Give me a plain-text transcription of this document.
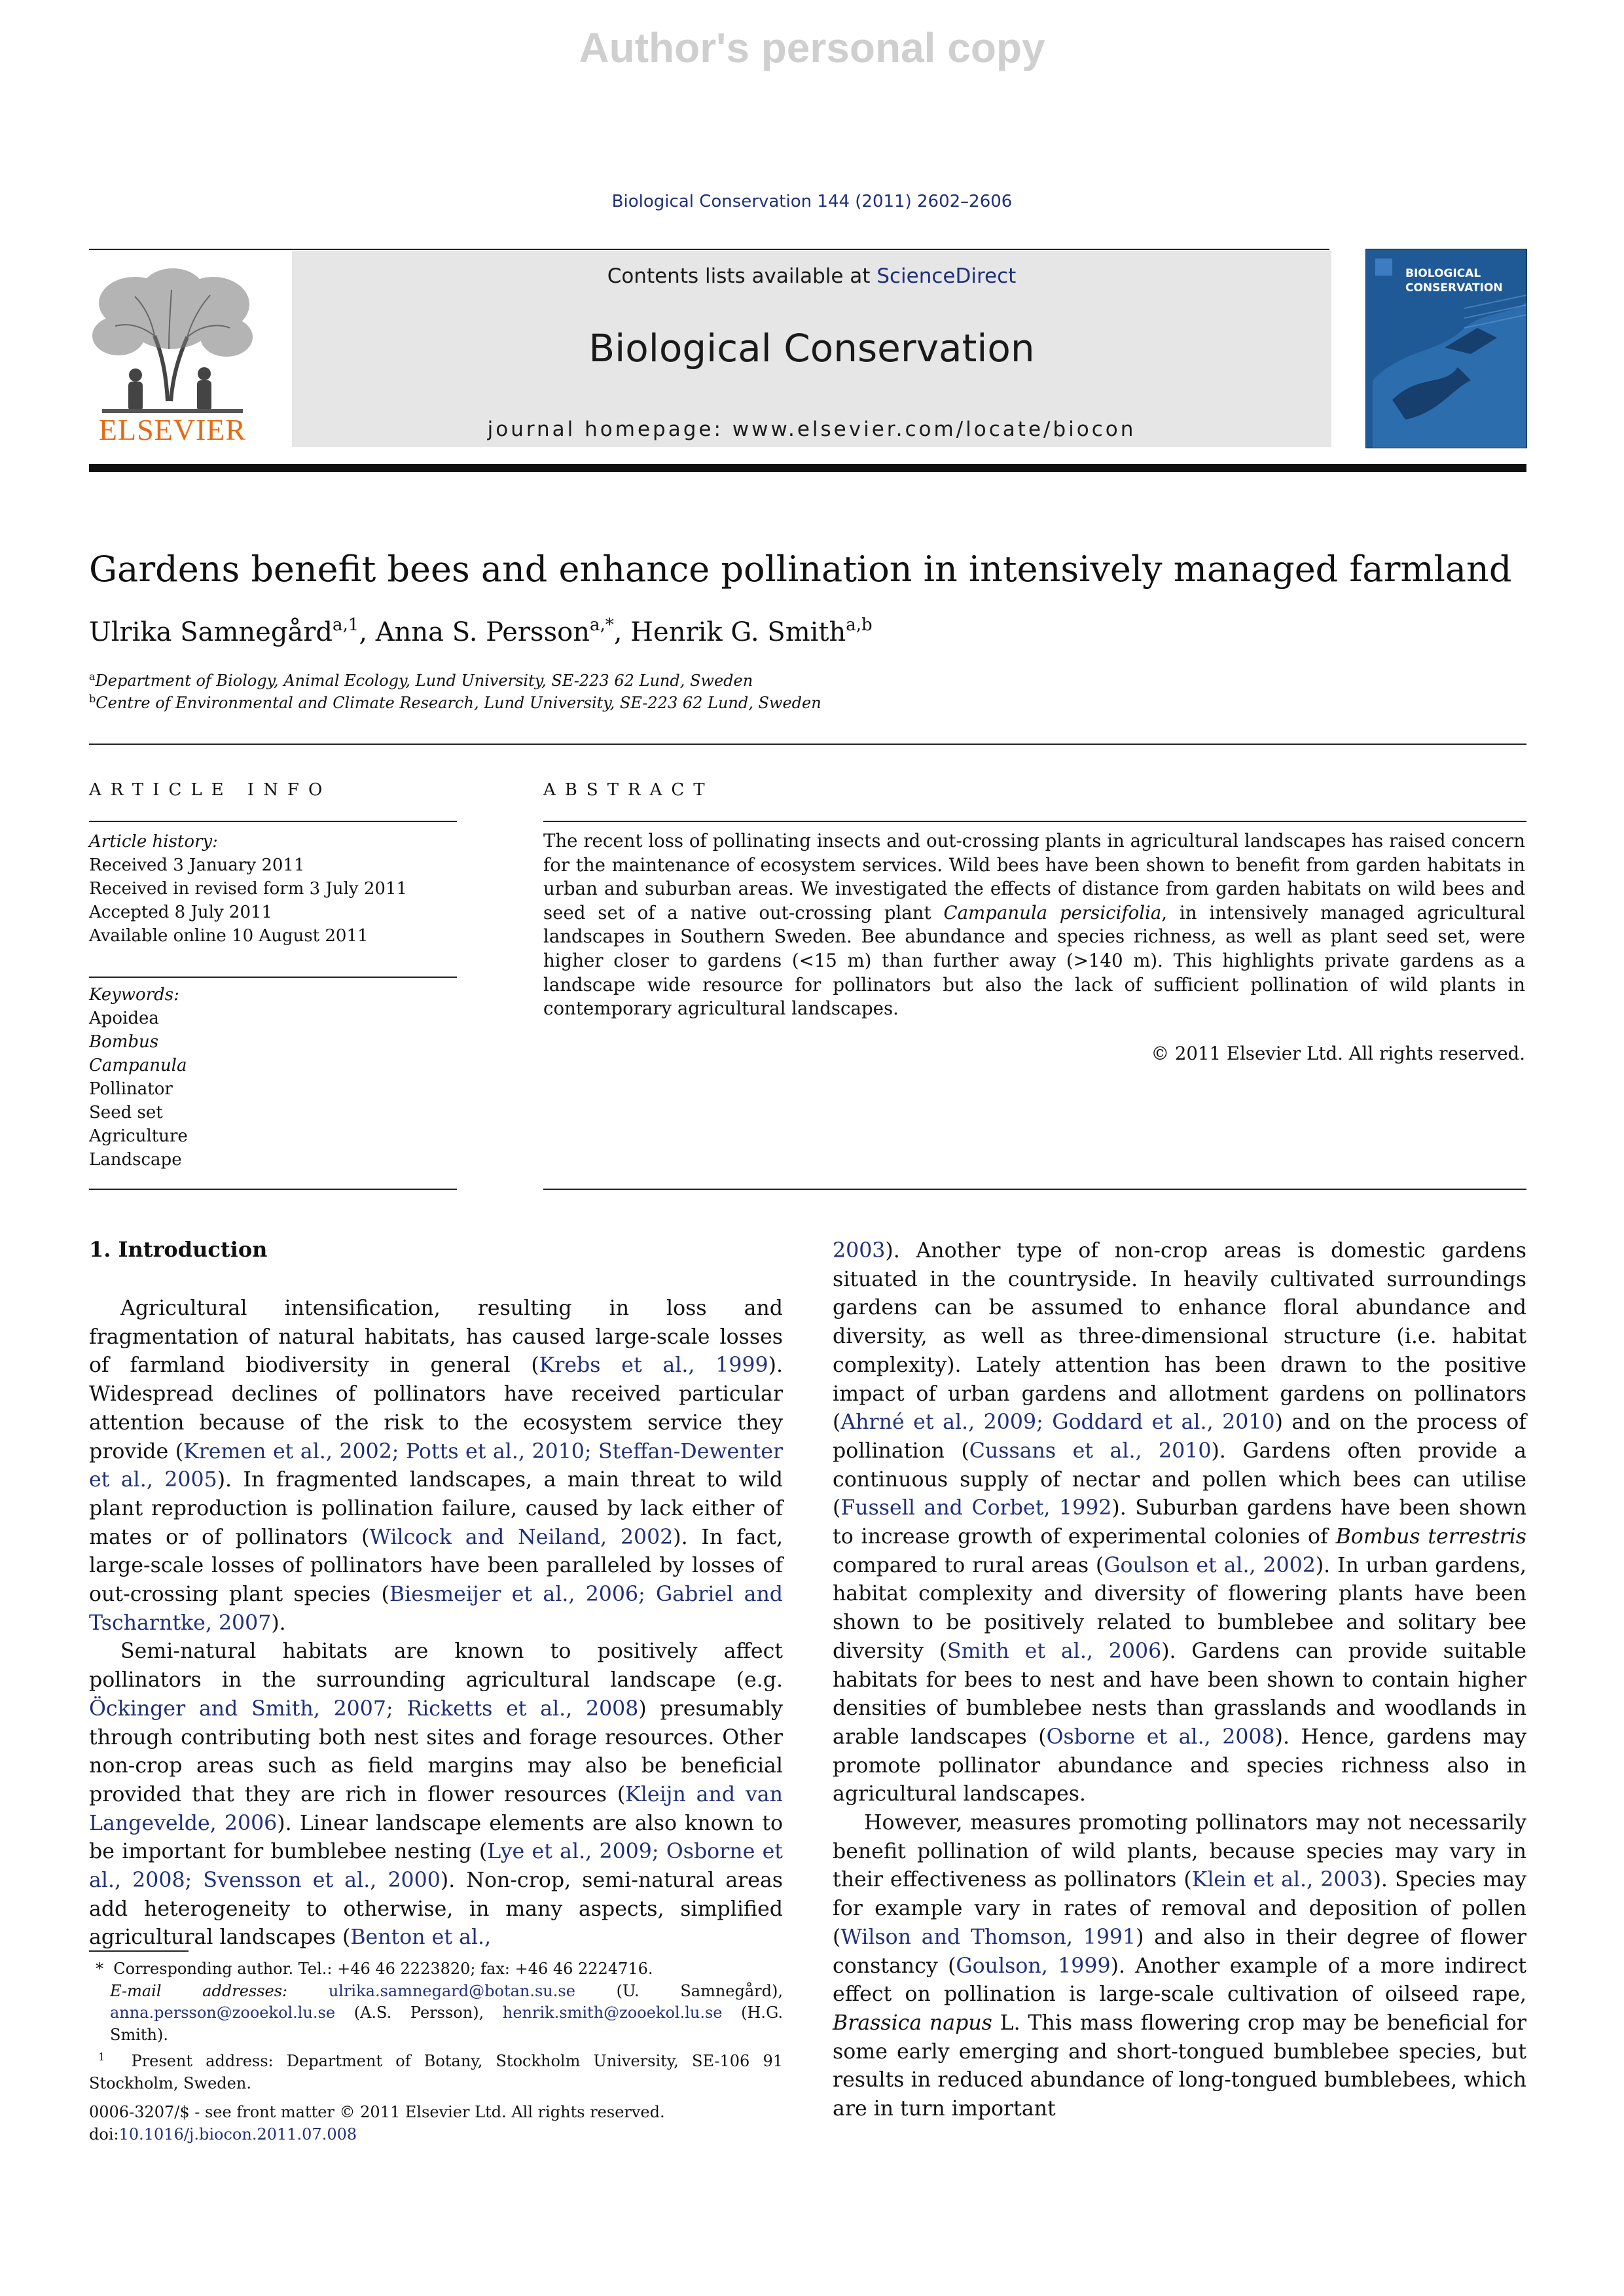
Author's personal copy
Biological Conservation 144 (2011) 2602–2606
Contents lists available at ScienceDirect
Biological Conservation
journal homepage: www.elsevier.com/locate/biocon
ELSEVIER
BIOLOGICAL CONSERVATION
Gardens benefit bees and enhance pollination in intensively managed farmland
Ulrika Samnegård$^{a,1}$, Anna S. Persson$^{a,*}$, Henrik G. Smith$^{a,b}$
$^a$Department of Biology, Animal Ecology, Lund University, SE-223 62 Lund, Sweden
$^b$Centre of Environmental and Climate Research, Lund University, SE-223 62 Lund, Sweden
ARTICLE INFO
Article history:
Received 3 January 2011
Received in revised form 3 July 2011
Accepted 8 July 2011
Available online 10 August 2011
Keywords:
Apoidea
Bombus
Campanula
Pollinator
Seed set
Agriculture
Landscape
ABSTRACT
The recent loss of pollinating insects and out-crossing plants in agricultural landscapes has raised concern for the maintenance of ecosystem services. Wild bees have been shown to benefit from garden habitats in urban and suburban areas. We investigated the effects of distance from garden habitats on wild bees and seed set of a native out-crossing plant Campanula persicifolia, in intensively managed agricultural landscapes in Southern Sweden. Bee abundance and species richness, as well as plant seed set, were higher closer to gardens (<15 m) than further away (>140 m). This highlights private gardens as a landscape wide resource for pollinators but also the lack of sufficient pollination of wild plants in contemporary agricultural landscapes.
© 2011 Elsevier Ltd. All rights reserved.
1. Introduction

Agricultural intensification, resulting in loss and fragmentation of natural habitats, has caused large-scale losses of farmland biodiversity in general (Krebs et al., 1999). Widespread declines of pollinators have received particular attention because of the risk to the ecosystem service they provide (Kremen et al., 2002; Potts et al., 2010; Steffan-Dewenter et al., 2005). In fragmented landscapes, a main threat to wild plant reproduction is pollination failure, caused by lack either of mates or of pollinators (Wilcock and Neiland, 2002). In fact, large-scale losses of pollinators have been paralleled by losses of out-crossing plant species (Biesmeijer et al., 2006; Gabriel and Tscharntke, 2007).

Semi-natural habitats are known to positively affect pollinators in the surrounding agricultural landscape (e.g. Öckinger and Smith, 2007; Ricketts et al., 2008) presumably through contributing both nest sites and forage resources. Other non-crop areas such as field margins may also be beneficial provided that they are rich in flower resources (Kleijn and van Langevelde, 2006). Linear landscape elements are also known to be important for bumblebee nesting (Lye et al., 2009; Osborne et al., 2008; Svensson et al., 2000). Non-crop, semi-natural areas add heterogeneity to otherwise, in many aspects, simplified agricultural landscapes (Benton et al.,

2003). Another type of non-crop areas is domestic gardens situated in the countryside. In heavily cultivated surroundings gardens can be assumed to enhance floral abundance and diversity, as well as three-dimensional structure (i.e. habitat complexity). Lately attention has been drawn to the positive impact of urban gardens and allotment gardens on pollinators (Ahrné et al., 2009; Goddard et al., 2010) and on the process of pollination (Cussans et al., 2010). Gardens often provide a continuous supply of nectar and pollen which bees can utilise (Fussell and Corbet, 1992). Suburban gardens have been shown to increase growth of experimental colonies of Bombus terrestris compared to rural areas (Goulson et al., 2002). In urban gardens, habitat complexity and diversity of flowering plants have been shown to be positively related to bumblebee and solitary bee diversity (Smith et al., 2006). Gardens can provide suitable habitats for bees to nest and have been shown to contain higher densities of bumblebee nests than grasslands and woodlands in arable landscapes (Osborne et al., 2008). Hence, gardens may promote pollinator abundance and species richness also in agricultural landscapes.

However, measures promoting pollinators may not necessarily benefit pollination of wild plants, because species may vary in their effectiveness as pollinators (Klein et al., 2003). Species may for example vary in rates of removal and deposition of pollen (Wilson and Thomson, 1991) and also in their degree of flower constancy (Goulson, 1999). Another example of a more indirect effect on pollination is large-scale cultivation of oilseed rape, Brassica napus L. This mass flowering crop may be beneficial for some early emerging and short-tongued bumblebee species, but results in reduced abundance of long-tongued bumblebees, which are in turn important

* Corresponding author. Tel.: +46 46 2223820; fax: +46 46 2224716.
E-mail addresses:	ulrika.samnegard@botan.su.se (U. Samnegård), anna.persson@zooekol.lu.se (A.S. Persson), henrik.smith@zooekol.lu.se (H.G. Smith).
$^1$ Present address: Department of Botany, Stockholm University, SE-106 91 Stockholm, Sweden.
0006-3207/$ - see front matter © 2011 Elsevier Ltd. All rights reserved.
doi:10.1016/j.biocon.2011.07.008
